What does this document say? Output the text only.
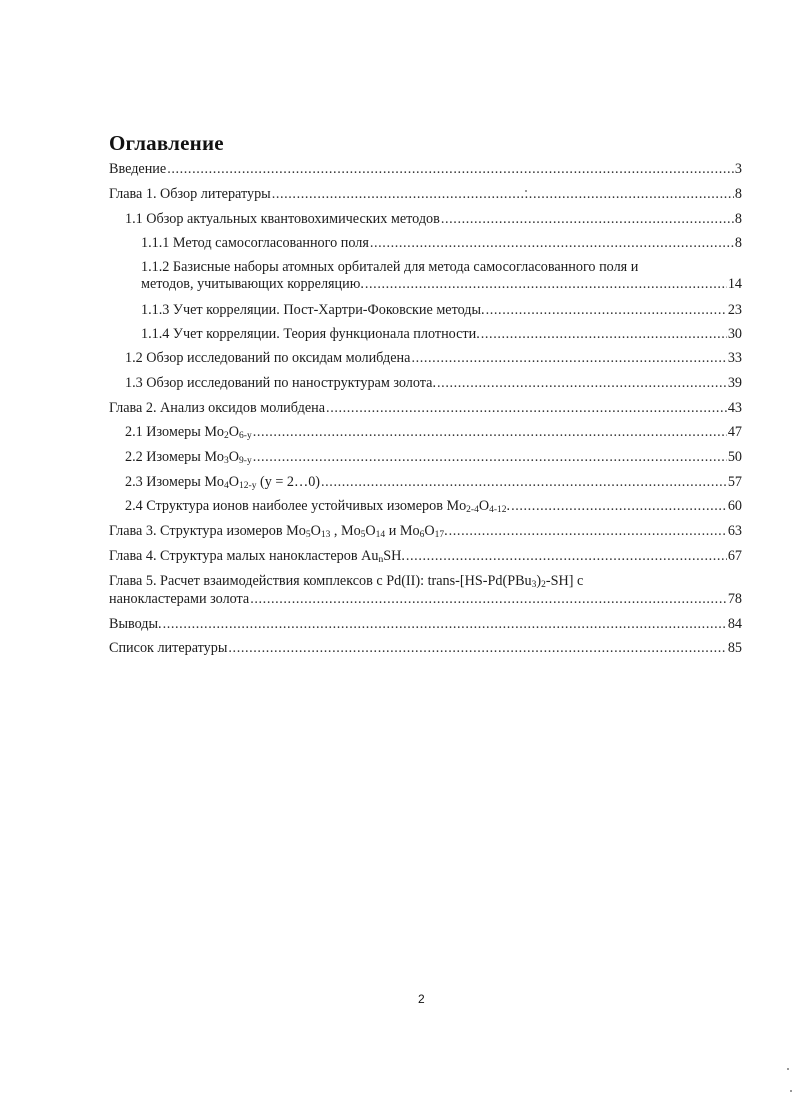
Оглавление
Введение .....	3
Глава 1. Обзор литературы .....	8
1.1 Обзор актуальных квантовохимических методов .....	8
1.1.1 Метод самосогласованного поля .....	8
1.1.2 Базисные наборы атомных орбиталей для метода самосогласованного поля и
методов, учитывающих корреляцию. .....	14
1.1.3 Учет корреляции. Пост-Хартри-Фоковские методы. .....	23
1.1.4 Учет корреляции. Теория функционала плотности. .....	30
1.2 Обзор исследований по оксидам молибдена .....	33
1.3 Обзор исследований по наноструктурам золота. .....	39
Глава 2. Анализ оксидов молибдена .....	43
2.1 Изомеры $Mo_2O_{6-y}$ .....	47
2.2 Изомеры $Mo_3O_{9-y}$ .....	50
2.3 Изомеры $Mo_4O_{12-y}$ (y = 2…0) .....	57
2.4 Структура ионов наиболее устойчивых изомеров $Mo_{2-4}O_{4-12}$. .....	60
Глава 3. Структура изомеров $Mo_5O_{13}$ , $Mo_5O_{14}$ и $Mo_6O_{17}$. .....	63
Глава 4. Структура малых нанокластеров $Au_nSH$. .....	67
Глава 5. Расчет взаимодействия комплексов с Pd(II): trans-$[HS-Pd(PBu_3)_2-SH]$ с
нанокластерами золота .....	78
Выводы. .....	84
Список литературы .....	85
2
